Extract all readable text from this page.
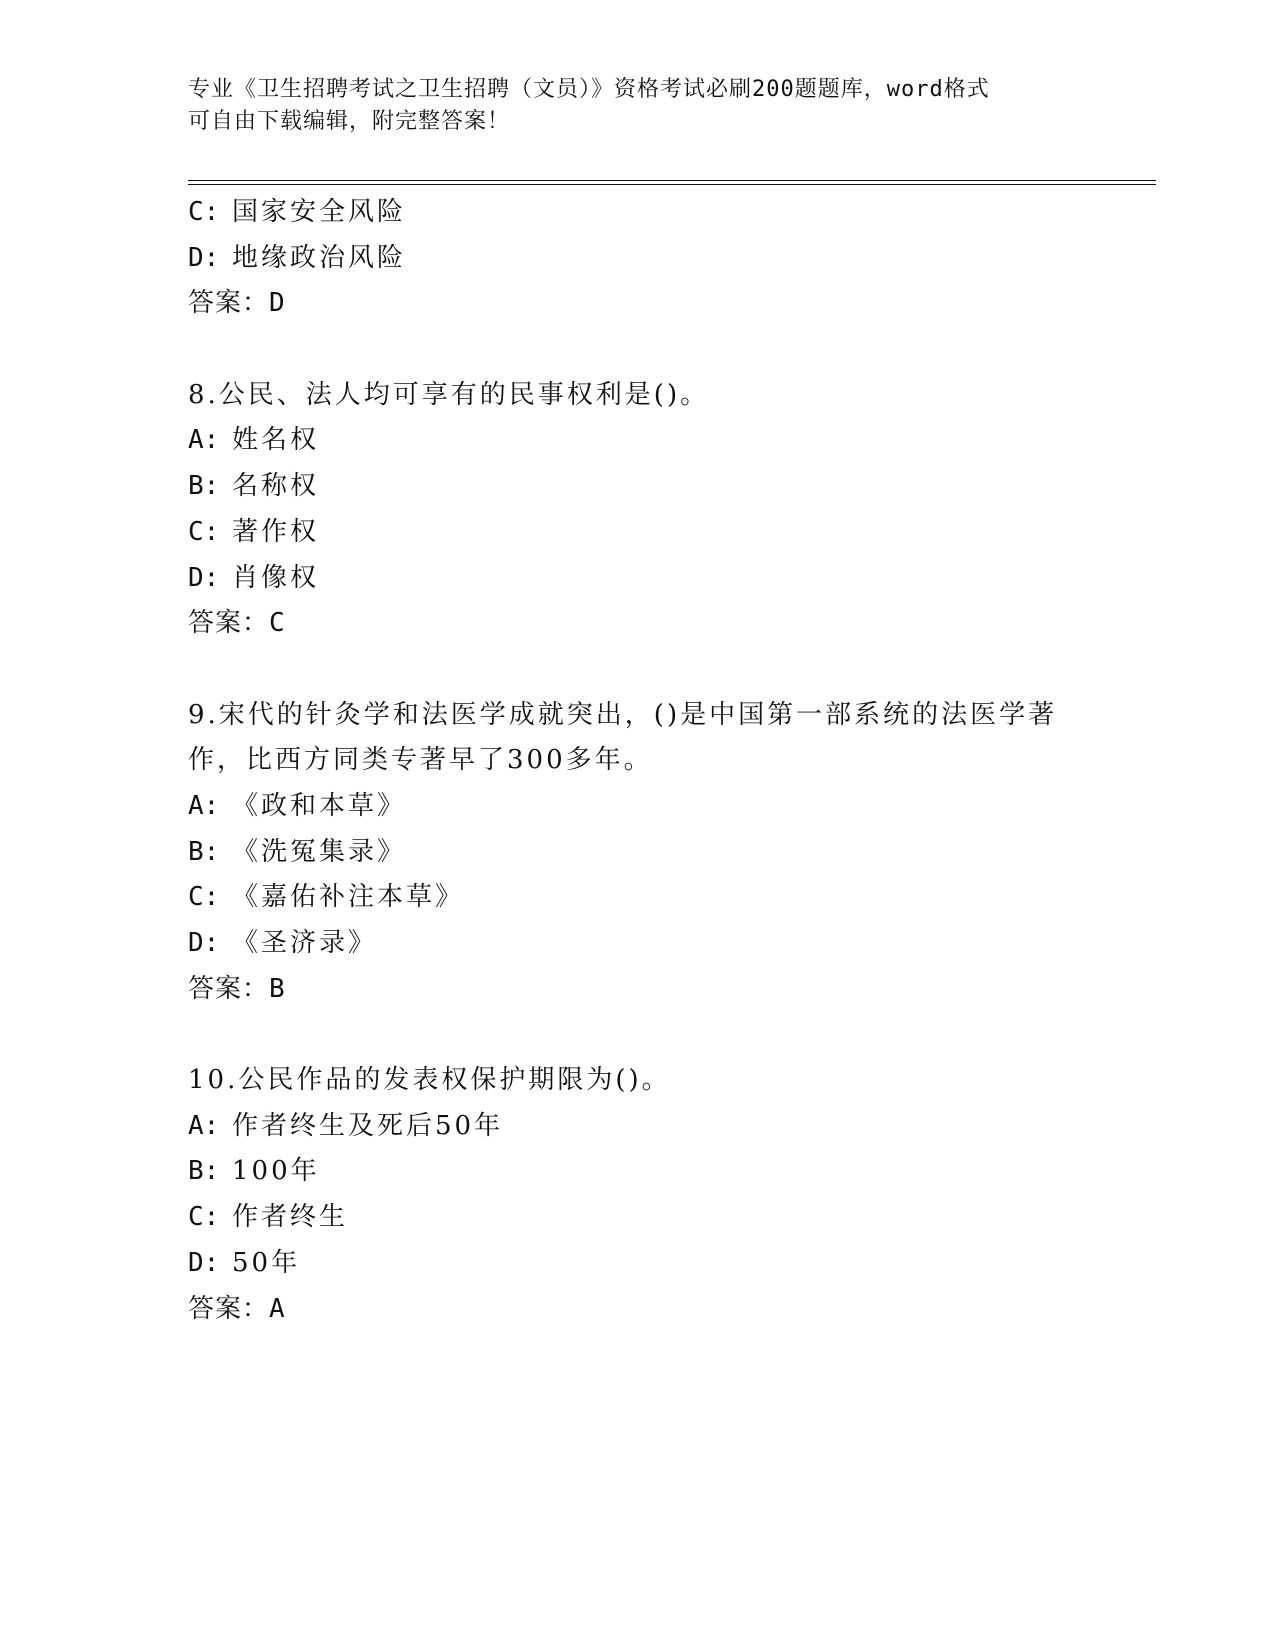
专业《卫生招聘考试之卫生招聘（文员）》资格考试必刷200题题库，word格式
可自由下载编辑，附完整答案！
C: 国家安全风险
D: 地缘政治风险
答案：D
8.公民、法人均可享有的民事权利是()。
A: 姓名权
B: 名称权
C: 著作权
D: 肖像权
答案：C
9.宋代的针灸学和法医学成就突出，()是中国第一部系统的法医学著
作，比西方同类专著早了300多年。
A: 《政和本草》
B: 《洗冤集录》
C: 《嘉佑补注本草》
D: 《圣济录》
答案：B
10.公民作品的发表权保护期限为()。
A: 作者终生及死后50年
B: 100年
C: 作者终生
D: 50年
答案：A
